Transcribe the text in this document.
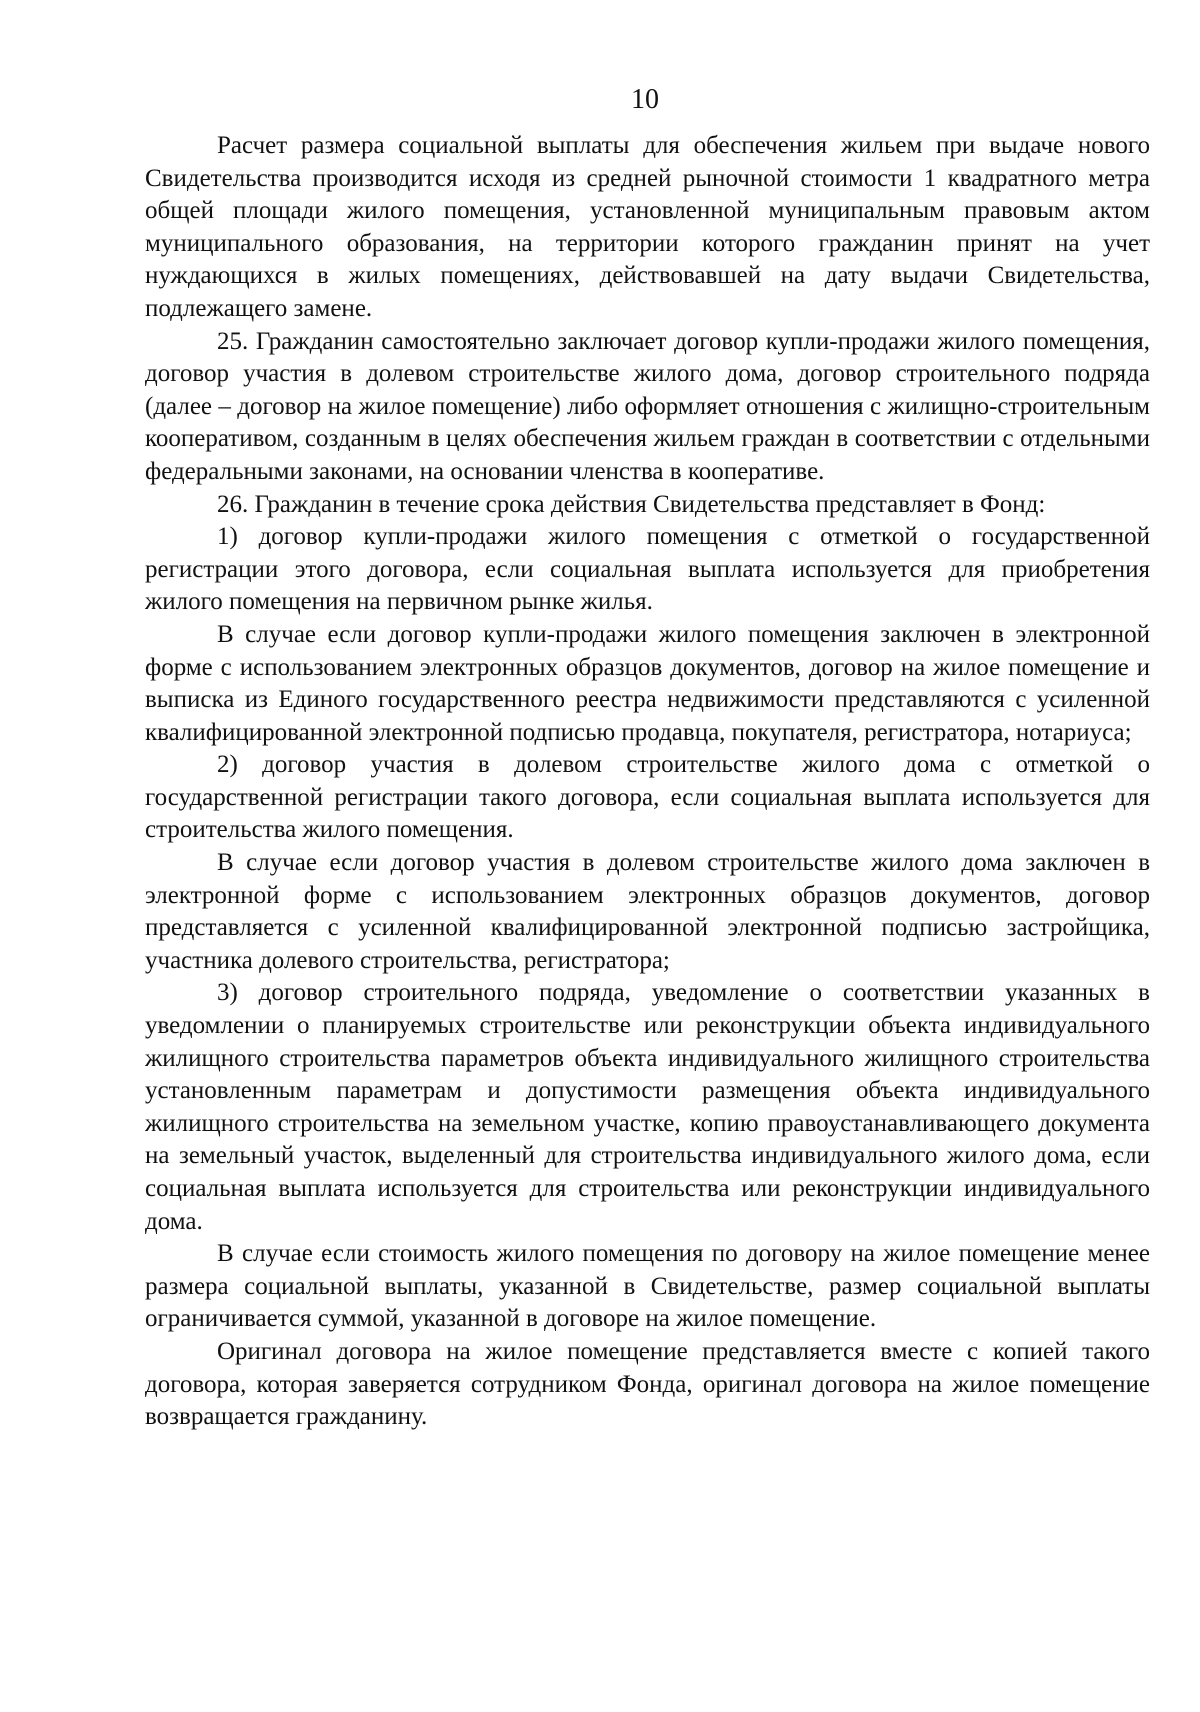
10

Расчет размера социальной выплаты для обеспечения жильем при выдаче нового Свидетельства производится исходя из средней рыночной стоимости 1 квадратного метра общей площади жилого помещения, установленной муниципальным правовым актом муниципального образования, на территории которого гражданин принят на учет нуждающихся в жилых помещениях, действовавшей на дату выдачи Свидетельства, подлежащего замене.

25. Гражданин самостоятельно заключает договор купли-продажи жилого помещения, договор участия в долевом строительстве жилого дома, договор строительного подряда (далее – договор на жилое помещение) либо оформляет отношения с жилищно-строительным кооперативом, созданным в целях обеспечения жильем граждан в соответствии с отдельными федеральными законами, на основании членства в кооперативе.

26. Гражданин в течение срока действия Свидетельства представляет в Фонд:

1) договор купли-продажи жилого помещения с отметкой о государственной регистрации этого договора, если социальная выплата используется для приобретения жилого помещения на первичном рынке жилья.

В случае если договор купли-продажи жилого помещения заключен в электронной форме с использованием электронных образцов документов, договор на жилое помещение и выписка из Единого государственного реестра недвижимости представляются с усиленной квалифицированной электронной подписью продавца, покупателя, регистратора, нотариуса;

2) договор участия в долевом строительстве жилого дома с отметкой о государственной регистрации такого договора, если социальная выплата используется для строительства жилого помещения.

В случае если договор участия в долевом строительстве жилого дома заключен в электронной форме с использованием электронных образцов документов, договор представляется с усиленной квалифицированной электронной подписью застройщика, участника долевого строительства, регистратора;

3) договор строительного подряда, уведомление о соответствии указанных в уведомлении о планируемых строительстве или реконструкции объекта индивидуального жилищного строительства параметров объекта индивидуального жилищного строительства установленным параметрам и допустимости размещения объекта индивидуального жилищного строительства на земельном участке, копию правоустанавливающего документа на земельный участок, выделенный для строительства индивидуального жилого дома, если социальная выплата используется для строительства или реконструкции индивидуального дома.

В случае если стоимость жилого помещения по договору на жилое помещение менее размера социальной выплаты, указанной в Свидетельстве, размер социальной выплаты ограничивается суммой, указанной в договоре на жилое помещение.

Оригинал договора на жилое помещение представляется вместе с копией такого договора, которая заверяется сотрудником Фонда, оригинал договора на жилое помещение возвращается гражданину.
